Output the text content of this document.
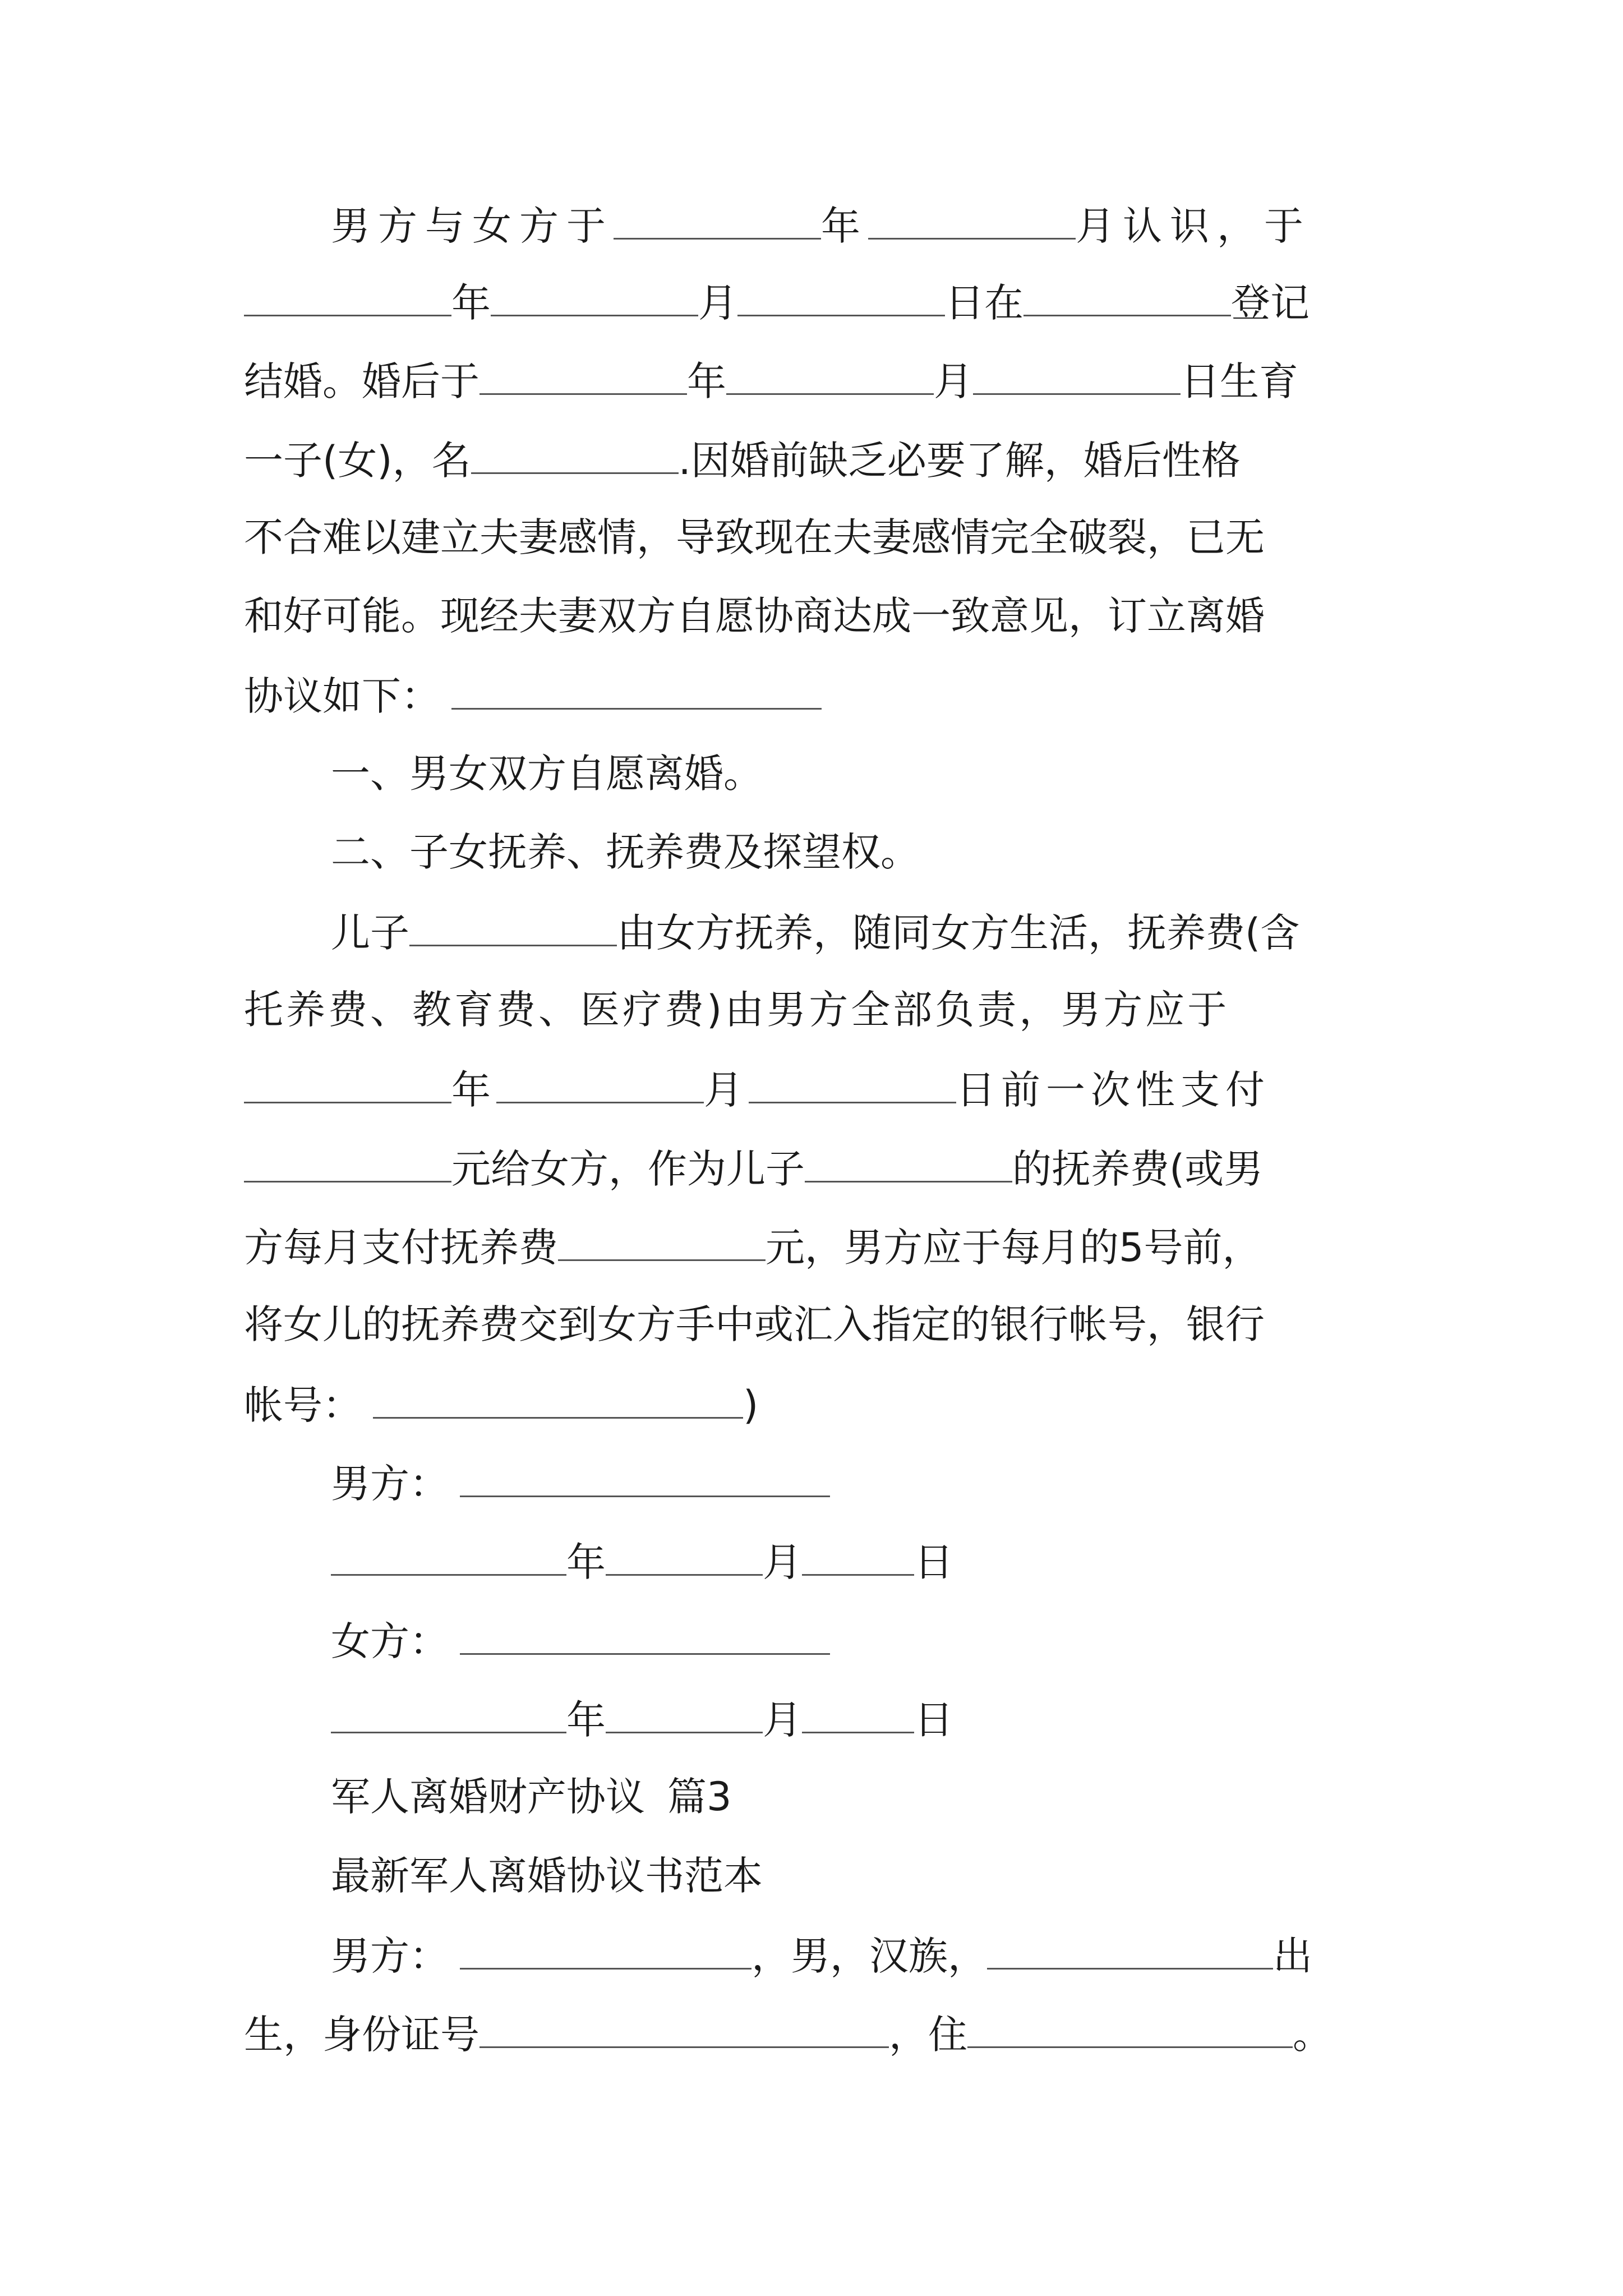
男方与女方于	年	月认识，于
年	月	日在	登记
结婚。婚后于	年	月	日生育
一子(女)，名	.因婚前缺乏必要了解，婚后性格
不合难以建立夫妻感情，导致现在夫妻感情完全破裂，已无
和好可能。现经夫妻双方自愿协商达成一致意见，订立离婚
协议如下：
一、男女双方自愿离婚。
二、子女抚养、抚养费及探望权。
儿子	由女方抚养，随同女方生活，抚养费(含
托养费、教育费、医疗费)由男方全部负责，男方应于
年	月	日前一次性支付
元给女方，作为儿子	的抚养费(或男
方每月支付抚养费	元，男方应于每月的5号前，
将女儿的抚养费交到女方手中或汇入指定的银行帐号，银行
帐号：	)
男方：
年	月	日
女方：
年	月	日
军人离婚财产协议 篇3
最新军人离婚协议书范本
男方：	，男，汉族，	出
生，身份证号	，住	。
